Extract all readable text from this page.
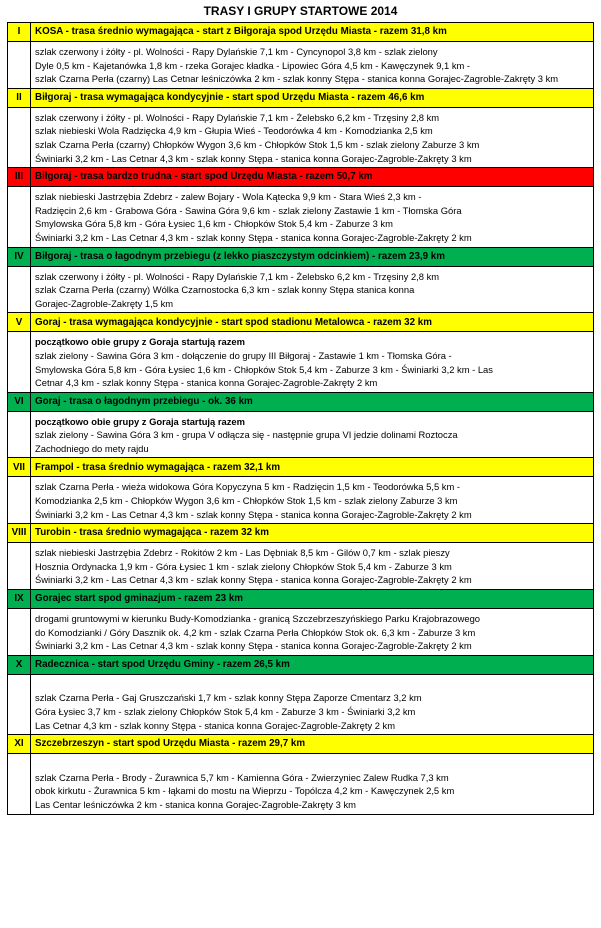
TRASY I GRUPY STARTOWE 2014
I	KOSA - trasa średnio wymagająca - start z Biłgoraja spod Urzędu Miasta - razem 31,8 km

	szlak czerwony i żółty - pl. Wolności - Rapy Dylańskie 7,1 km - Cyncynopol 3,8 km - szlak zielony
Dyle 0,5 km - Kajetanówka 1,8 km - rzeka Gorajec kładka - Lipowiec Góra 4,5 km - Kawęczynek 9,1 km -
szlak Czarna Perła (czarny) Las Cetnar leśniczówka 2 km - szlak konny Stępa - stanica konna Gorajec-Zagroble-Zakręty 3 km

II	Biłgoraj - trasa wymagająca kondycyjnie - start spod Urzędu Miasta - razem 46,6 km

	szlak czerwony i żółty - pl. Wolności - Rapy Dylańskie 7,1 km - Żelebsko 6,2 km - Trzęsiny 2,8 km
szlak niebieski Wola Radzięcka 4,9 km - Głupia Wieś - Teodorówka 4 km - Komodzianka 2,5 km
szlak Czarna Perła (czarny) Chłopków Wygon 3,6 km - Chłopków Stok 1,5 km - szlak zielony Zaburze 3 km
Świniarki 3,2 km - Las Cetnar 4,3 km - szlak konny Stępa - stanica konna Gorajec-Zagroble-Zakręty 3 km

III	Biłgoraj - trasa bardzo trudna - start spod Urzędu Miasta - razem 50,7 km

	szlak niebieski Jastrzębia Zdebrz - zalew Bojary - Wola Kątecka 9,9 km - Stara Wieś 2,3 km -
Radzięcin 2,6 km - Grabowa Góra - Sawina Góra 9,6 km - szlak zielony Zastawie 1 km - Tłomska Góra
Smylowska Góra 5,8 km - Góra Łysiec 1,6 km - Chłopków Stok 5,4 km - Zaburze 3 km
Świniarki 3,2 km - Las Cetnar 4,3 km - szlak konny Stępa - stanica konna Gorajec-Zagroble-Zakręty 2 km

IV	Biłgoraj - trasa o łagodnym przebiegu (z lekko piaszczystym odcinkiem) - razem 23,9 km

	szlak czerwony i żółty - pl. Wolności - Rapy Dylańskie 7,1 km - Żelebsko 6,2 km - Trzęsiny 2,8 km
szlak Czarna Perła (czarny) Wólka Czarnostocka 6,3 km - szlak konny Stępa stanica konna
Gorajec-Zagroble-Zakręty 1,5 km

V	Goraj - trasa wymagająca kondycyjnie - start spod stadionu Metalowca - razem 32 km

	początkowo obie grupy z Goraja startują razem
szlak zielony - Sawina Góra 3 km - dołączenie do grupy III Biłgoraj - Zastawie 1 km - Tłomska Góra -
Smylowska Góra 5,8 km - Góra Łysiec 1,6 km - Chłopków Stok 5,4 km - Zaburze 3 km - Świniarki 3,2 km - Las
Cetnar 4,3 km - szlak konny Stępa - stanica konna Gorajec-Zagroble-Zakręty 2 km

VI	Goraj - trasa o łagodnym przebiegu - ok. 36 km

	początkowo obie grupy z Goraja startują razem
szlak zielony - Sawina Góra 3 km - grupa V odłącza się - następnie grupa VI jedzie dolinami Roztocza
Zachodniego do mety rajdu

VII	Frampol - trasa średnio wymagająca - razem 32,1 km

	szlak Czarna Perła - wieża widokowa Góra Kopyczyna 5 km - Radzięcin 1,5 km - Teodorówka 5,5 km -
Komodzianka 2,5 km - Chłopków Wygon 3,6 km - Chłopków Stok 1,5 km - szlak zielony Zaburze 3 km
Świniarki 3,2 km - Las Cetnar 4,3 km - szlak konny Stępa - stanica konna Gorajec-Zagroble-Zakręty 2 km

VIII	Turobin - trasa średnio wymagająca - razem 32 km

	szlak niebieski Jastrzębia Zdebrz - Rokitów 2 km - Las Dębniak 8,5 km - Gilów 0,7 km - szlak pieszy
Hosznia Ordynacka 1,9 km - Góra Łysiec 1 km - szlak zielony Chłopków Stok 5,4 km - Zaburze 3 km
Świniarki 3,2 km - Las Cetnar 4,3 km - szlak konny Stępa - stanica konna Gorajec-Zagroble-Zakręty 2 km

IX	Gorajec start spod gminazjum - razem 23 km

	drogami gruntowymi w kierunku Budy-Komodzianka - granicą Szczebrzeszyńskiego Parku Krajobrazowego
do Komodzianki / Góry Dasznik ok. 4,2 km - szlak Czarna Perła Chłopków Stok ok. 6,3 km - Zaburze 3 km
Świniarki 3,2 km - Las Cetnar 4,3 km - szlak konny Stępa - stanica konna Gorajec-Zagroble-Zakręty 2 km

X	Radecznica - start spod Urzędu Gminy - razem 26,5 km

	szlak Czarna Perła - Gaj Gruszczański 1,7 km - szlak konny Stępa Zaporze Cmentarz 3,2 km
Góra Łysiec 3,7 km - szlak zielony Chłopków Stok 5,4 km - Zaburze 3 km - Świniarki 3,2 km
Las Cetnar 4,3 km - szlak konny Stępa - stanica konna Gorajec-Zagroble-Zakręty 2 km

XI	Szczebrzeszyn - start spod Urzędu Miasta - razem 29,7 km

	szlak Czarna Perła - Brody - Żurawnica 5,7 km - Kamienna Góra - Zwierzyniec Zalew Rudka 7,3 km
obok kirkutu - Żurawnica 5 km - łąkami do mostu na Wieprzu - Topólcza 4,2 km - Kawęczynek 2,5 km
Las Centar leśniczówka 2 km - stanica konna Gorajec-Zagroble-Zakręty 3 km
